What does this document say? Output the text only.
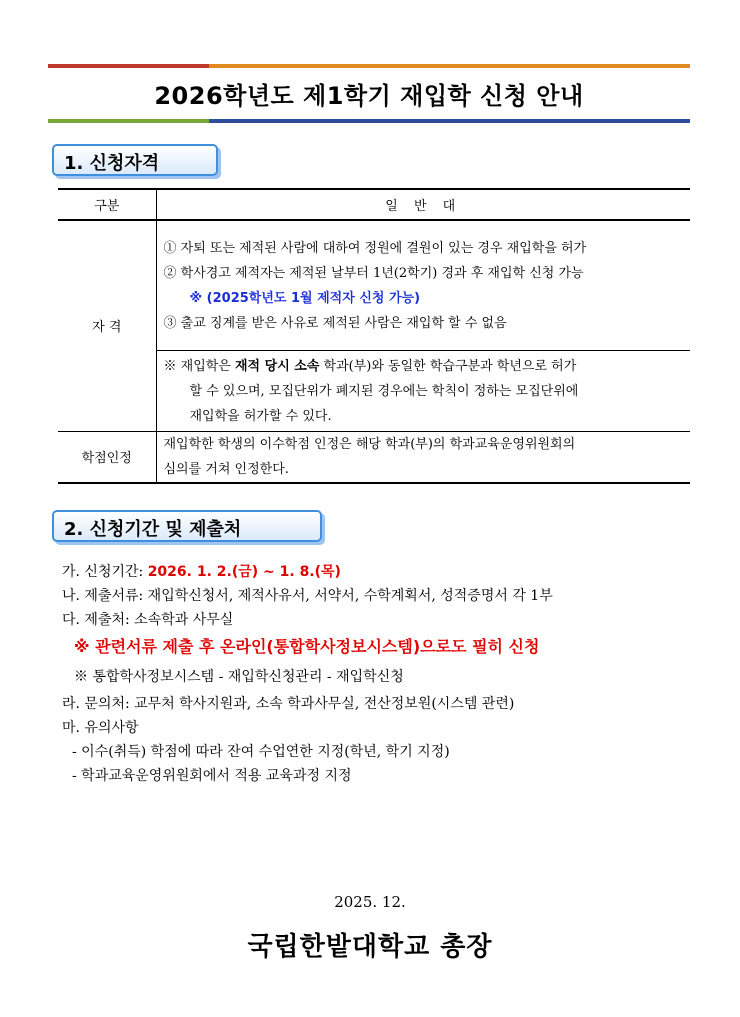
2026학년도 제1학기 재입학 신청 안내
1. 신청자격
구분	일 반 대
자 격	① 자퇴 또는 제적된 사람에 대하여 정원에 결원이 있는 경우 재입학을 허가
② 학사경고 제적자는 제적된 날부터 1년(2학기) 경과 후 재입학 신청 가능
※ (2025학년도 1월 제적자 신청 가능)
③ 출교 징계를 받은 사유로 제적된 사람은 재입학 할 수 없음

	※ 재입학은 재적 당시 소속 학과(부)와 동일한 학습구분과 학년으로 허가
할 수 있으며, 모집단위가 폐지된 경우에는 학칙이 정하는 모집단위에
재입학을 허가할 수 있다.

학점인정	재입학한 학생의 이수학점 인정은 해당 학과(부)의 학과교육운영위원회의
심의를 거쳐 인정한다.
2. 신청기간 및 제출처
가. 신청기간: 2026. 1. 2.(금) ~ 1. 8.(목)
나. 제출서류: 재입학신청서, 제적사유서, 서약서, 수학계획서, 성적증명서 각 1부
다. 제출처: 소속학과 사무실
※ 관련서류 제출 후 온라인(통합학사정보시스템)으로도 필히 신청
※ 통합학사정보시스템 - 재입학신청관리 - 재입학신청
라. 문의처: 교무처 학사지원과, 소속 학과사무실, 전산정보원(시스템 관련)
마. 유의사항
- 이수(취득) 학점에 따라 잔여 수업연한 지정(학년, 학기 지정)
- 학과교육운영위원회에서 적용 교육과정 지정
2025. 12.
국립한밭대학교 총장
